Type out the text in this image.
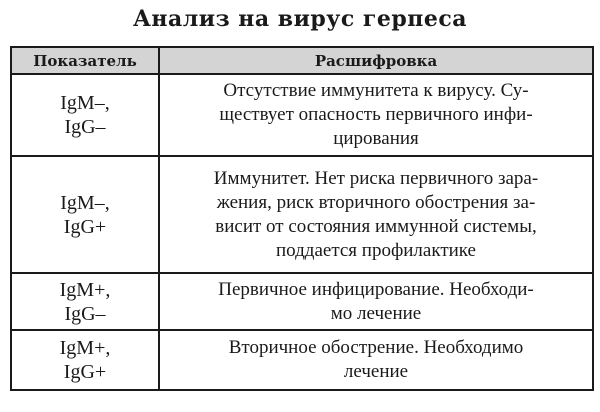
Анализ на вирус герпеса
Показатель	Расшифровка

IgM–,
IgG–	Отсутствие иммунитета к вирусу. Су-
ществует опасность первичного инфи-
цирования

IgM–,
IgG+	Иммунитет. Нет риска первичного зара-
жения, риск вторичного обострения за-
висит от состояния иммунной системы,
поддается профилактике

IgM+,
IgG–	Первичное инфицирование. Необходи-
мо лечение

IgM+,
IgG+	Вторичное обострение. Необходимо
лечение
